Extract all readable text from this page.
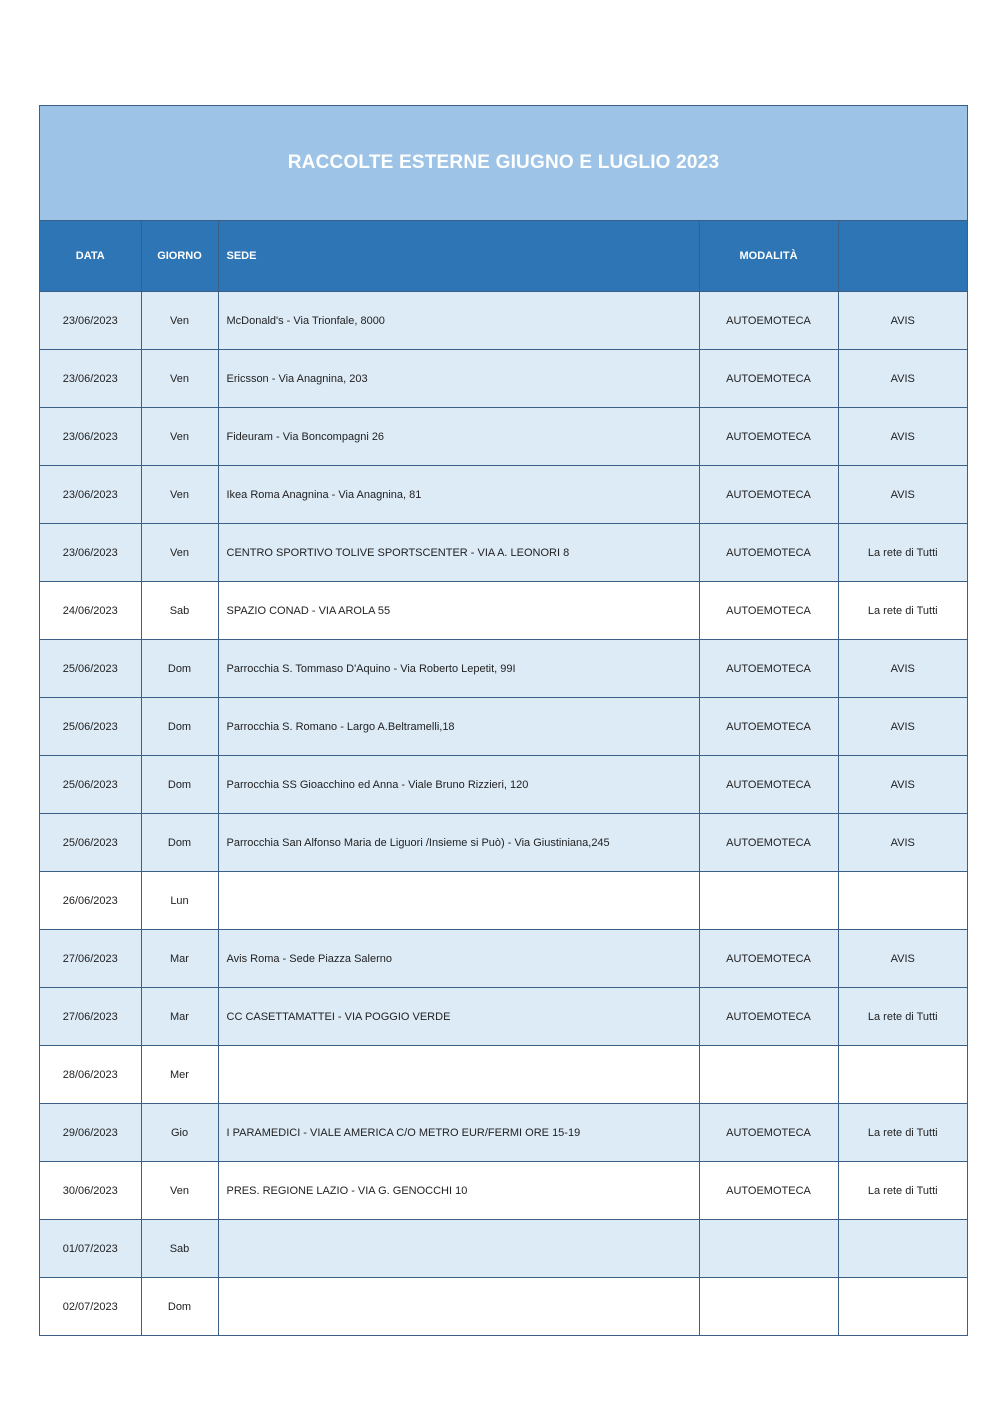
RACCOLTE ESTERNE GIUGNO E LUGLIO 2023
DATA	GIORNO	SEDE	MODALITÀ	
23/06/2023	Ven	McDonald's - Via Trionfale, 8000	AUTOEMOTECA	AVIS
23/06/2023	Ven	Ericsson - Via Anagnina, 203	AUTOEMOTECA	AVIS
23/06/2023	Ven	Fideuram - Via Boncompagni 26	AUTOEMOTECA	AVIS
23/06/2023	Ven	Ikea Roma Anagnina - Via Anagnina, 81	AUTOEMOTECA	AVIS
23/06/2023	Ven	CENTRO SPORTIVO TOLIVE SPORTSCENTER - VIA A. LEONORI 8	AUTOEMOTECA	La rete di Tutti
24/06/2023	Sab	SPAZIO CONAD - VIA AROLA 55	AUTOEMOTECA	La rete di Tutti
25/06/2023	Dom	Parrocchia S. Tommaso D'Aquino - Via Roberto Lepetit, 99I	AUTOEMOTECA	AVIS
25/06/2023	Dom	Parrocchia S. Romano - Largo A.Beltramelli,18	AUTOEMOTECA	AVIS
25/06/2023	Dom	Parrocchia SS Gioacchino ed Anna - Viale Bruno Rizzieri, 120	AUTOEMOTECA	AVIS
25/06/2023	Dom	Parrocchia San Alfonso Maria de Liguori /Insieme si Può) - Via Giustiniana,245	AUTOEMOTECA	AVIS
26/06/2023	Lun			
27/06/2023	Mar	Avis Roma - Sede Piazza Salerno	AUTOEMOTECA	AVIS
27/06/2023	Mar	CC CASETTAMATTEI - VIA POGGIO VERDE	AUTOEMOTECA	La rete di Tutti
28/06/2023	Mer			
29/06/2023	Gio	I PARAMEDICI - VIALE AMERICA C/O METRO EUR/FERMI ORE 15-19	AUTOEMOTECA	La rete di Tutti
30/06/2023	Ven	PRES. REGIONE LAZIO - VIA G. GENOCCHI 10	AUTOEMOTECA	La rete di Tutti
01/07/2023	Sab			
02/07/2023	Dom			
